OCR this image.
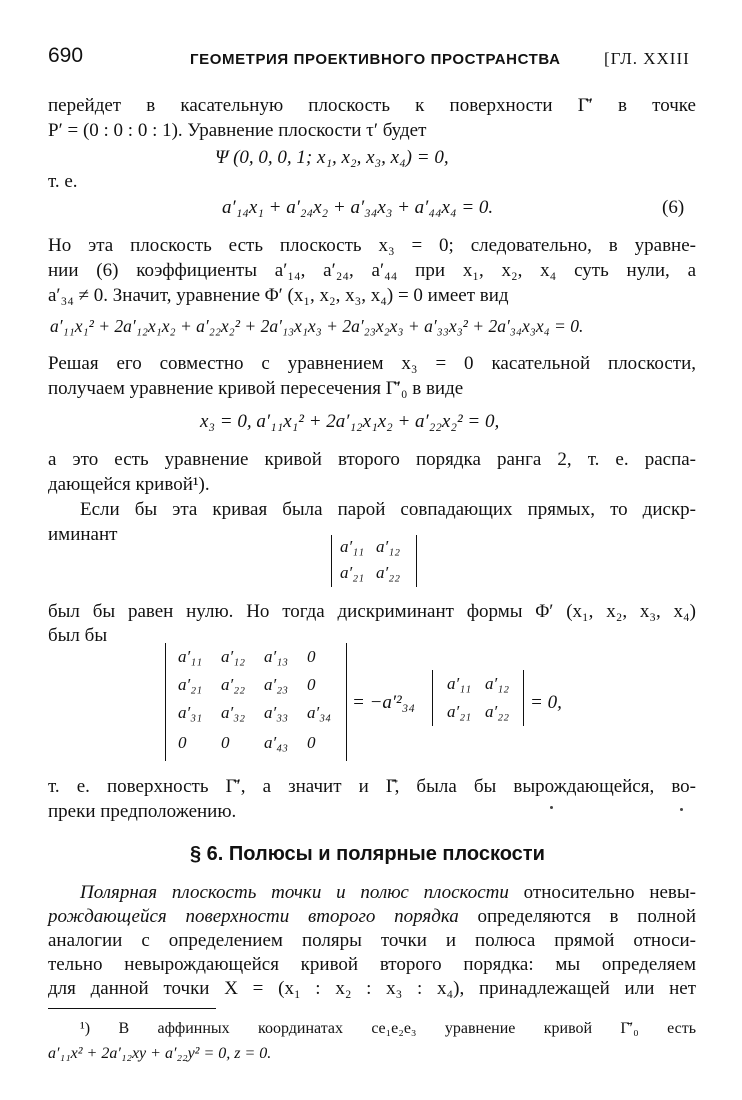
690	ГЕОМЕТРИЯ ПРОЕКТИВНОГО ПРОСТРАНСТВА	[ГЛ. XXIII
перейдет в касательную плоскость к поверхности Γ̄′ в точке
P′ = (0 : 0 : 0 : 1). Уравнение плоскости τ′ будет
Ψ (0, 0, 0, 1; x₁, x₂, x₃, x₄) = 0,
т. е.
a′₁₄x₁ + a′₂₄x₂ + a′₃₄x₃ + a′₄₄x₄ = 0.	(6)
Но эта плоскость есть плоскость x₃ = 0; следовательно, в уравне-
нии (6) коэффициенты a′₁₄, a′₂₄, a′₄₄ при x₁, x₂, x₄ суть нули, а
a′₃₄ ≠ 0. Значит, уравнение Φ′ (x₁, x₂, x₃, x₄) = 0 имеет вид
a′₁₁x₁² + 2a′₁₂x₁x₂ + a′₂₂x₂² + 2a′₁₃x₁x₃ + 2a′₂₃x₂x₃ + a′₃₃x₃² + 2a′₃₄x₃x₄ = 0.
Решая его совместно с уравнением x₃ = 0 касательной плоскости,
получаем уравнение кривой пересечения Γ̄′₀ в виде
x₃ = 0, a′₁₁x₁² + 2a′₁₂x₁x₂ + a′₂₂x₂² = 0,
а это есть уравнение кривой второго порядка ранга 2, т. е. распа-
дающейся кривой¹).
Если бы эта кривая была парой совпадающих прямых, то дискр-
иминант
a′₁₁ a′₁₂
a′₂₁ a′₂₂
был бы равен нулю. Но тогда дискриминант формы Φ′ (x₁, x₂, x₃, x₄)
был бы
a′₁₁ a′₁₂ a′₁₃ 0
a′₂₁ a′₂₂ a′₂₃ 0
a′₃₁ a′₃₂ a′₃₃ a′₃₄
0 0 a′₄₃ 0
= −a′²₃₄
a′₁₁ a′₁₂
a′₂₁ a′₂₂ = 0,
т. е. поверхность Γ̄′, а значит и Γ̄, была бы вырождающейся, во-
преки предположению.
§ 6. Полюсы и полярные плоскости
Полярная плоскость точки и полюс плоскости относительно невы-
рождающейся поверхности второго порядка определяются в полной
аналогии с определением поляры точки и полюса прямой относи-
тельно невырождающейся кривой второго порядка: мы определяем
для данной точки X = (x₁ : x₂ : x₃ : x₄), принадлежащей или нет
¹) В аффинных координатах ce₁e₂e₃ уравнение кривой Γ̄′₀ есть
a′₁₁x² + 2a′₁₂xy + a′₂₂y² = 0, z = 0.
